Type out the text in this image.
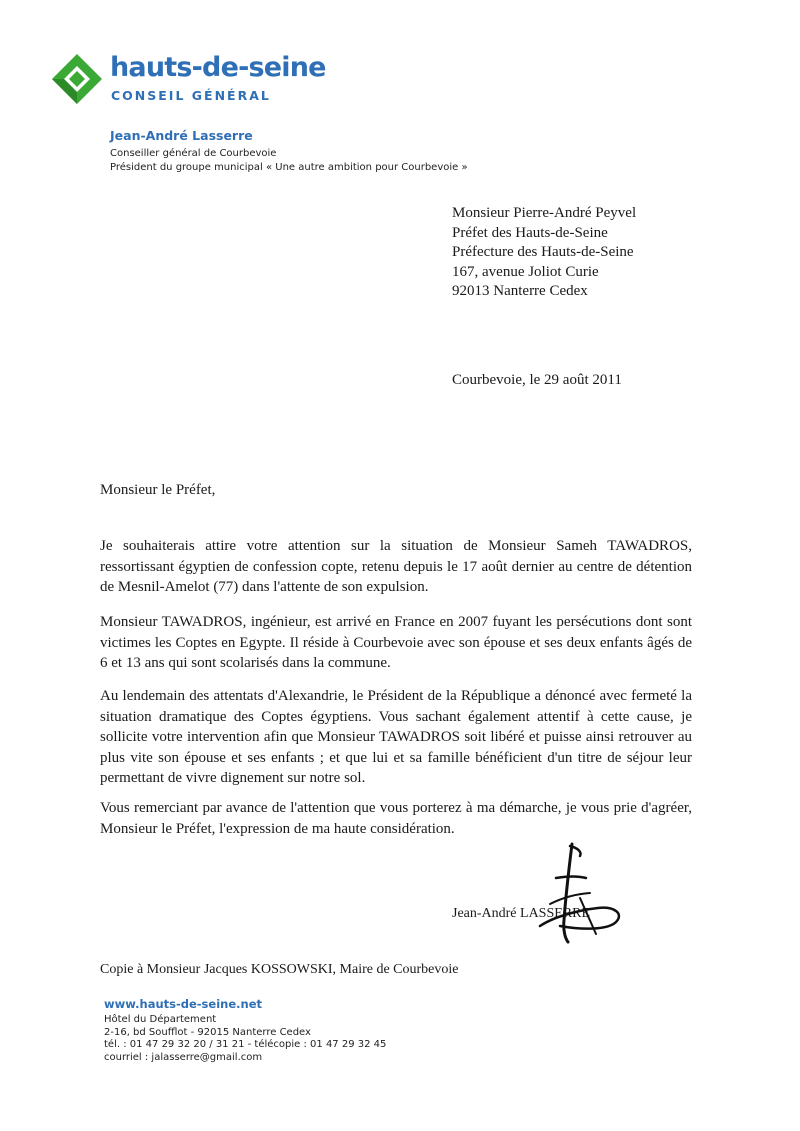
hauts-de-seine
CONSEIL GÉNÉRAL
Jean-André Lasserre
Conseiller général de Courbevoie
Président du groupe municipal « Une autre ambition pour Courbevoie »
Monsieur Pierre-André Peyvel
Préfet des Hauts-de-Seine
Préfecture des Hauts-de-Seine
167, avenue Joliot Curie
92013 Nanterre Cedex
Courbevoie, le 29 août 2011
Monsieur le Préfet,

Je souhaiterais attire votre attention sur la situation de Monsieur Sameh TAWADROS, ressortissant égyptien de confession copte, retenu depuis le 17 août dernier au centre de détention de Mesnil-Amelot (77) dans l'attente de son expulsion.

Monsieur TAWADROS, ingénieur, est arrivé en France en 2007 fuyant les persécutions dont sont victimes les Coptes en Egypte. Il réside à Courbevoie avec son épouse et ses deux enfants âgés de 6 et 13 ans qui sont scolarisés dans la commune.

Au lendemain des attentats d'Alexandrie, le Président de la République a dénoncé avec fermeté la situation dramatique des Coptes égyptiens. Vous sachant également attentif à cette cause, je sollicite votre intervention afin que Monsieur TAWADROS soit libéré et puisse ainsi retrouver au plus vite son épouse et ses enfants ; et que lui et sa famille bénéficient d'un titre de séjour leur permettant de vivre dignement sur notre sol.

Vous remerciant par avance de l'attention que vous porterez à ma démarche, je vous prie d'agréer, Monsieur le Préfet, l'expression de ma haute considération.

Jean-André LASSERRE
Copie à Monsieur Jacques KOSSOWSKI, Maire de Courbevoie
www.hauts-de-seine.net
Hôtel du Département
2-16, bd Soufflot - 92015 Nanterre Cedex
tél. : 01 47 29 32 20 / 31 21 - télécopie : 01 47 29 32 45
courriel : jalasserre@gmail.com
